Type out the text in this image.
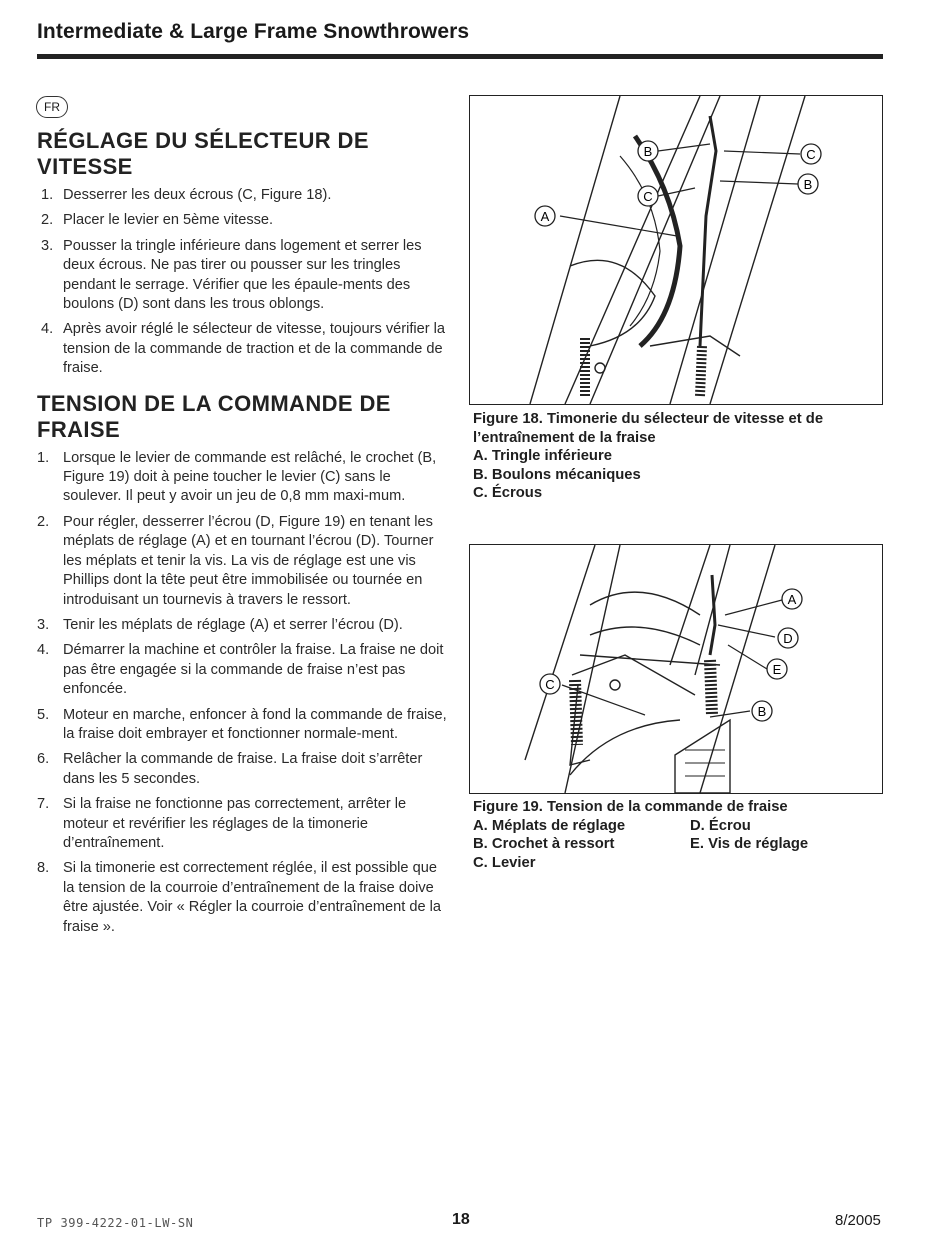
Intermediate & Large Frame Snowthrowers
FR
RÉGLAGE DU SÉLECTEUR DE
VITESSE
1. Desserrer les deux écrous (C, Figure 18).
2. Placer le levier en 5ème vitesse.
3. Pousser la tringle inférieure dans logement et serrer les deux écrous. Ne pas tirer ou pousser sur les tringles pendant le serrage. Vérifier que les épaule-ments des boulons (D) sont dans les trous oblongs.
4. Après avoir réglé le sélecteur de vitesse, toujours vérifier la tension de la commande de traction et de la commande de fraise.
TENSION DE LA COMMANDE DE
FRAISE
1. Lorsque le levier de commande est relâché, le crochet (B, Figure 19) doit à peine toucher le levier (C) sans le soulever. Il peut y avoir un jeu de 0,8 mm maxi-mum.
2. Pour régler, desserrer l’écrou (D, Figure 19) en tenant les méplats de réglage (A) et en tournant l’écrou (D). Tourner les méplats et tenir la vis. La vis de réglage est une vis Phillips dont la tête peut être immobilisée ou tournée en introduisant un tournevis à travers le ressort.
3. Tenir les méplats de réglage (A) et serrer l’écrou (D).
4. Démarrer la machine et contrôler la fraise. La fraise ne doit pas être engagée si la commande de fraise n’est pas enfoncée.
5. Moteur en marche, enfoncer à fond la commande de fraise, la fraise doit embrayer et fonctionner normale-ment.
6. Relâcher la commande de fraise. La fraise doit s’arrêter dans les 5 secondes.
7. Si la fraise ne fonctionne pas correctement, arrêter le moteur et revérifier les réglages de la timonerie d’entraînement.
8. Si la timonerie est correctement réglée, il est possible que la tension de la courroie d’entraînement de la fraise doive être ajustée. Voir « Régler la courroie d’entraînement de la fraise ».
A
B
C
C
B
Figure 18. Timonerie du sélecteur de vitesse et de
l’entraînement de la fraise
A. Tringle inférieure
B. Boulons mécaniques
C. Écrous
A
D
E
C
B
Figure 19. Tension de la commande de fraise
A. Méplats de réglage	D. Écrou
B. Crochet à ressort	E. Vis de réglage
C. Levier
TP 399-4222-01-LW-SN	18	8/2005
